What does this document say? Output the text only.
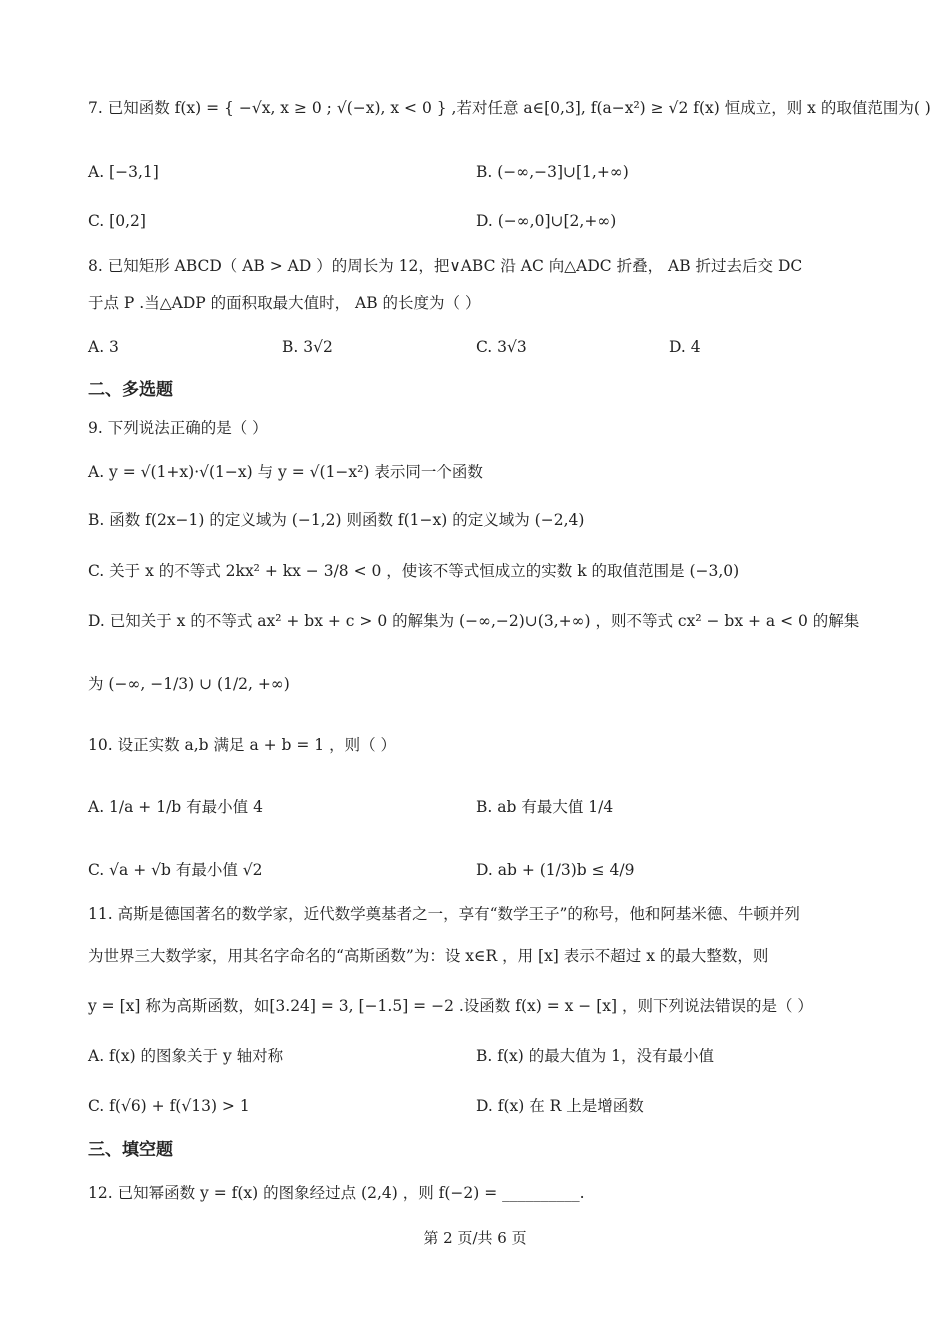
7. 已知函数 f(x) = { −√x, x ≥ 0 ; √(−x), x < 0 } ,若对任意 a∈[0,3], f(a−x²) ≥ √2 f(x) 恒成立，则 x 的取值范围为( )
A. [−3,1]	B. (−∞,−3]∪[1,+∞)
C. [0,2]	D. (−∞,0]∪[2,+∞)
8. 已知矩形 ABCD（ AB > AD ）的周长为 12，把∨ABC 沿 AC 向△ADC 折叠， AB 折过去后交 DC
于点 P .当△ADP 的面积取最大值时， AB 的长度为（ ）
A. 3	B. 3√2	C. 3√3	D. 4
二、多选题
9. 下列说法正确的是（ ）
A. y = √(1+x)·√(1−x) 与 y = √(1−x²) 表示同一个函数
B. 函数 f(2x−1) 的定义域为 (−1,2) 则函数 f(1−x) 的定义域为 (−2,4)
C. 关于 x 的不等式 2kx² + kx − 3/8 < 0 ，使该不等式恒成立的实数 k 的取值范围是 (−3,0)
D. 已知关于 x 的不等式 ax² + bx + c > 0 的解集为 (−∞,−2)∪(3,+∞) ，则不等式 cx² − bx + a < 0 的解集
为 (−∞, −1/3) ∪ (1/2, +∞)
10. 设正实数 a,b 满足 a + b = 1 ，则（ ）
A. 1/a + 1/b 有最小值 4	B. ab 有最大值 1/4
C. √a + √b 有最小值 √2	D. ab + (1/3)b ≤ 4/9
11. 高斯是德国著名的数学家，近代数学奠基者之一，享有“数学王子”的称号，他和阿基米德、牛顿并列
为世界三大数学家，用其名字命名的“高斯函数”为：设 x∈R ，用 [x] 表示不超过 x 的最大整数，则
y = [x] 称为高斯函数，如[3.24] = 3, [−1.5] = −2 .设函数 f(x) = x − [x] ，则下列说法错误的是（ ）
A. f(x) 的图象关于 y 轴对称	B. f(x) 的最大值为 1，没有最小值
C. f(√6) + f(√13) > 1	D. f(x) 在 R 上是增函数
三、填空题
12. 已知幂函数 y = f(x) 的图象经过点 (2,4) ，则 f(−2) = __________.
第 2 页/共 6 页
